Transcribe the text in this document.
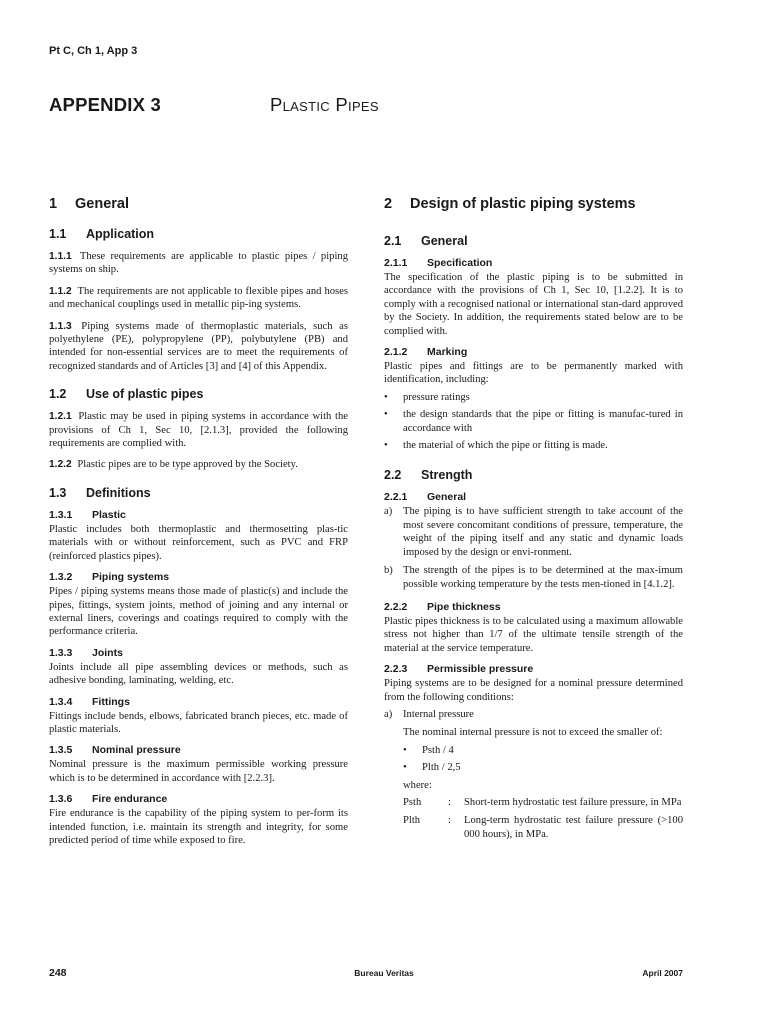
Pt C, Ch 1, App 3
APPENDIX 3	Plastic Pipes
1 General
1.1 Application

1.1.1 These requirements are applicable to plastic pipes / piping systems on ship.

1.1.2 The requirements are not applicable to flexible pipes and hoses and mechanical couplings used in metallic pip-ing systems.

1.1.3 Piping systems made of thermoplastic materials, such as polyethylene (PE), polypropylene (PP), polybutylene (PB) and intended for non-essential services are to meet the requirements of recognized standards and of Articles [3] and [4] of this Appendix.

1.2 Use of plastic pipes

1.2.1 Plastic may be used in piping systems in accordance with the provisions of Ch 1, Sec 10, [2.1.3], provided the following requirements are complied with.

1.2.2 Plastic pipes are to be type approved by the Society.

1.3 Definitions
1.3.1 Plastic

Plastic includes both thermoplastic and thermosetting plas-tic materials with or without reinforcement, such as PVC and FRP (reinforced plastics pipes).

1.3.2 Piping systems

Pipes / piping systems means those made of plastic(s) and include the pipes, fittings, system joints, method of joining and any internal or external liners, coverings and coatings required to comply with the performance criteria.

1.3.3 Joints

Joints include all pipe assembling devices or methods, such as adhesive bonding, laminating, welding, etc.

1.3.4 Fittings

Fittings include bends, elbows, fabricated branch pieces, etc. made of plastic materials.

1.3.5 Nominal pressure

Nominal pressure is the maximum permissible working pressure which is to be determined in accordance with [2.2.3].

1.3.6 Fire endurance

Fire endurance is the capability of the piping system to per-form its intended function, i.e. maintain its strength and integrity, for some predicted period of time while exposed to fire.

2 Design of plastic piping systems
2.1 General
2.1.1 Specification

The specification of the plastic piping is to be submitted in accordance with the provisions of Ch 1, Sec 10, [1.2.2]. It is to comply with a recognised national or international stan-dard approved by the Society. In addition, the requirements stated below are to be complied with.

2.1.2 Marking

Plastic pipes and fittings are to be permanently marked with identification, including:

• pressure ratings
• the design standards that the pipe or fitting is manufac-tured in accordance with
• the material of which the pipe or fitting is made.
2.2 Strength
2.2.1 General
a) The piping is to have sufficient strength to take account of the most severe concomitant conditions of pressure, temperature, the weight of the piping itself and any static and dynamic loads imposed by the design or envi-ronment.
b) The strength of the pipes is to be determined at the max-imum possible working temperature by the tests men-tioned in [4.1.2].
2.2.2 Pipe thickness

Plastic pipes thickness is to be calculated using a maximum allowable stress not higher than 1/7 of the ultimate tensile strength of the material at the service temperature.

2.2.3 Permissible pressure

Piping systems are to be designed for a nominal pressure determined from the following conditions:

a) Internal pressure

The nominal internal pressure is not to exceed the smaller of:

• Psth / 4
• Plth / 2,5

where:

Psth	:	Short-term hydrostatic test failure pressure, in MPa
Plth	:	Long-term hydrostatic test failure pressure (>100 000 hours), in MPa.
248	Bureau Veritas	April 2007
